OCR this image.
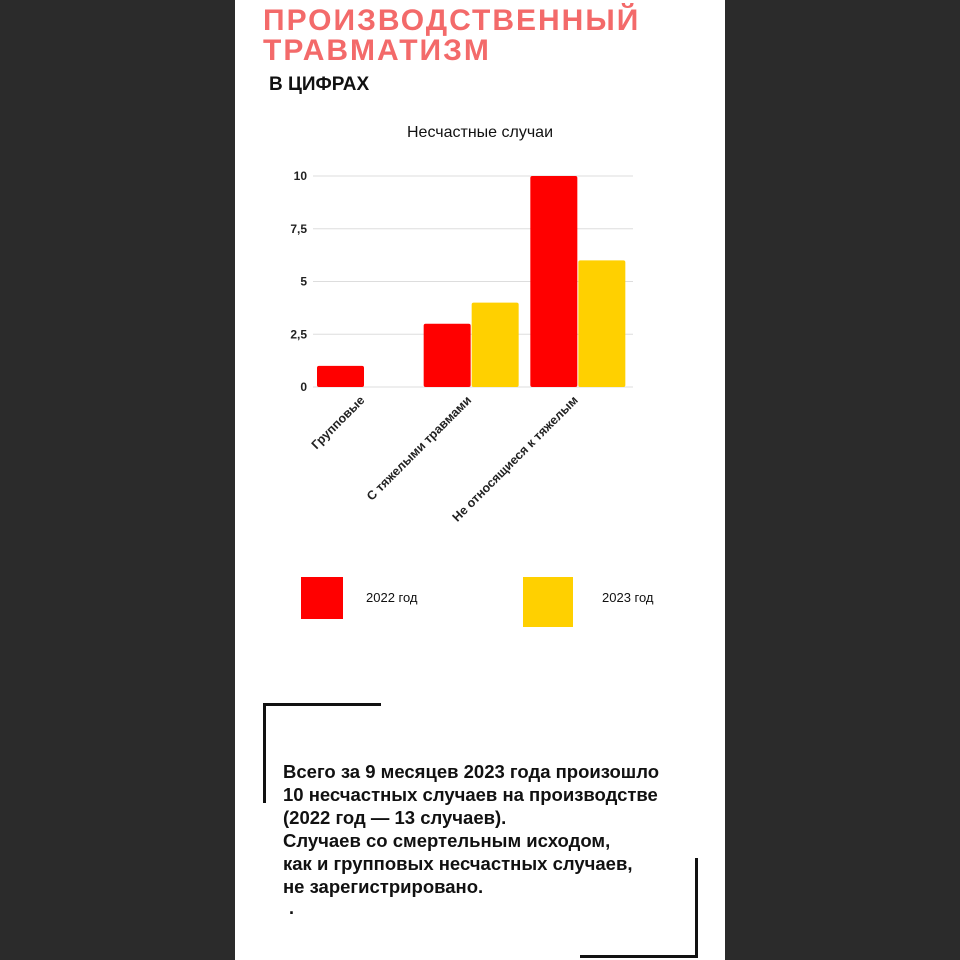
ПРОИЗВОДСТВЕННЫЙ
ТРАВМАТИЗМ
В ЦИФРАХ
Несчастные случаи
0
2,5
5
7,5
10
Групповые
С тяжелыми травмами
Не относящиеся к тяжелым
2022 год	2023 год
Всего за 9 месяцев 2023 года произошло
10 несчастных случаев на производстве
(2022 год — 13 случаев).
Случаев со смертельным исходом,
как и групповых несчастных случаев,
не зарегистрировано.
.
